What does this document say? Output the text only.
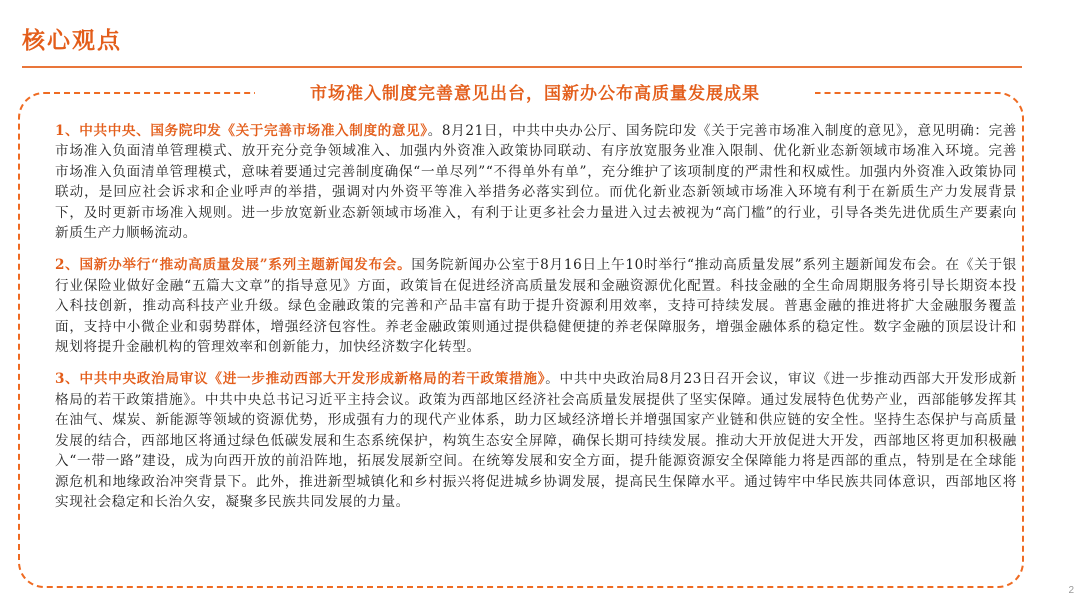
核心观点
市场准入制度完善意见出台，国新办公布高质量发展成果

1、中共中央、国务院印发《关于完善市场准入制度的意见》。8月21日，中共中央办公厅、国务院印发《关于完善市场准入制度的意见》，意见明确：完善市场准入负面清单管理模式、放开充分竞争领域准入、加强内外资准入政策协同联动、有序放宽服务业准入限制、优化新业态新领域市场准入环境。完善市场准入负面清单管理模式，意味着要通过完善制度确保“一单尽列”“不得单外有单”，充分维护了该项制度的严肃性和权威性。加强内外资准入政策协同联动，是回应社会诉求和企业呼声的举措，强调对内外资平等准入举措务必落实到位。而优化新业态新领域市场准入环境有利于在新质生产力发展背景下，及时更新市场准入规则。进一步放宽新业态新领域市场准入，有利于让更多社会力量进入过去被视为“高门槛”的行业，引导各类先进优质生产要素向新质生产力顺畅流动。

2、国新办举行“推动高质量发展”系列主题新闻发布会。国务院新闻办公室于8月16日上午10时举行“推动高质量发展”系列主题新闻发布会。在《关于银行业保险业做好金融“五篇大文章”的指导意见》方面，政策旨在促进经济高质量发展和金融资源优化配置。科技金融的全生命周期服务将引导长期资本投入科技创新，推动高科技产业升级。绿色金融政策的完善和产品丰富有助于提升资源利用效率，支持可持续发展。普惠金融的推进将扩大金融服务覆盖面，支持中小微企业和弱势群体，增强经济包容性。养老金融政策则通过提供稳健便捷的养老保障服务，增强金融体系的稳定性。数字金融的顶层设计和规划将提升金融机构的管理效率和创新能力，加快经济数字化转型。

3、中共中央政治局审议《进一步推动西部大开发形成新格局的若干政策措施》。中共中央政治局8月23日召开会议，审议《进一步推动西部大开发形成新格局的若干政策措施》。中共中央总书记习近平主持会议。政策为西部地区经济社会高质量发展提供了坚实保障。通过发展特色优势产业，西部能够发挥其在油气、煤炭、新能源等领域的资源优势，形成强有力的现代产业体系，助力区域经济增长并增强国家产业链和供应链的安全性。坚持生态保护与高质量发展的结合，西部地区将通过绿色低碳发展和生态系统保护，构筑生态安全屏障，确保长期可持续发展。推动大开放促进大开发，西部地区将更加积极融入“一带一路”建设，成为向西开放的前沿阵地，拓展发展新空间。在统筹发展和安全方面，提升能源资源安全保障能力将是西部的重点，特别是在全球能源危机和地缘政治冲突背景下。此外，推进新型城镇化和乡村振兴将促进城乡协调发展，提高民生保障水平。通过铸牢中华民族共同体意识，西部地区将实现社会稳定和长治久安，凝聚多民族共同发展的力量。

2
